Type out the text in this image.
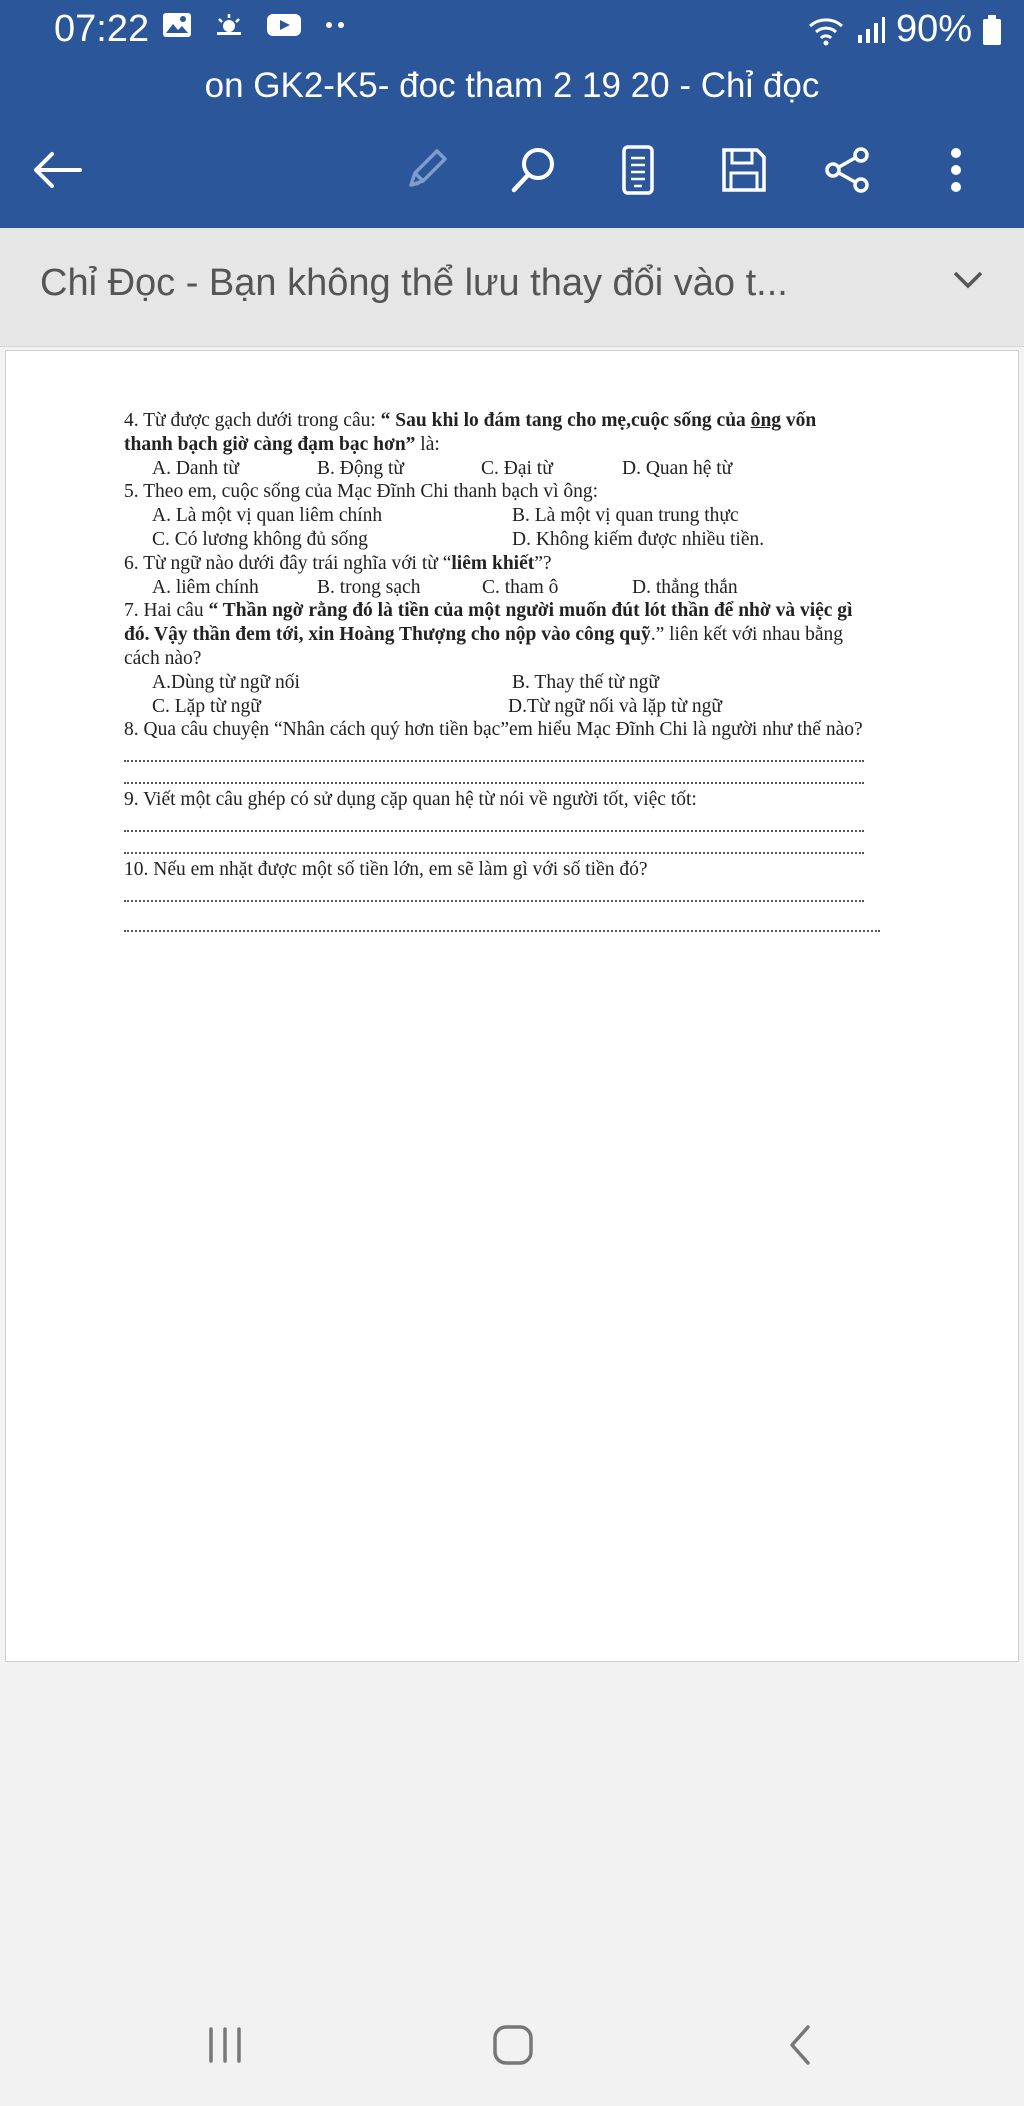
07:22	90%
on GK2-K5- đoc tham 2 19 20 - Chỉ đọc
Chỉ Đọc - Bạn không thể lưu thay đổi vào t...
4. Từ được gạch dưới trong câu: “ Sau khi lo đám tang cho mẹ,cuộc sống của ông vốn
thanh bạch giờ càng đạm bạc hơn” là:
A. Danh từ	B. Động từ	C. Đại từ	D. Quan hệ từ
5. Theo em, cuộc sống của Mạc Đĩnh Chi thanh bạch vì ông:
A. Là một vị quan liêm chính	B. Là một vị quan trung thực
C. Có lương không đủ sống	D. Không kiếm được nhiều tiền.
6. Từ ngữ nào dưới đây trái nghĩa với từ “liêm khiết”?
A. liêm chính	B. trong sạch	C. tham ô	D. thẳng thắn
7. Hai câu “ Thần ngờ rằng đó là tiền của một người muốn đút lót thần để nhờ và việc gì
đó. Vậy thần đem tới, xin Hoàng Thượng cho nộp vào công quỹ.” liên kết với nhau bằng
cách nào?
A.Dùng từ ngữ nối	B. Thay thế từ ngữ
C. Lặp từ ngữ	D.Từ ngữ nối và lặp từ ngữ
8. Qua câu chuyện “Nhân cách quý hơn tiền bạc”em hiểu Mạc Đĩnh Chi là người như thế nào?
9. Viết một câu ghép có sử dụng cặp quan hệ từ nói về người tốt, việc tốt:
10. Nếu em nhặt được một số tiền lớn, em sẽ làm gì với số tiền đó?
